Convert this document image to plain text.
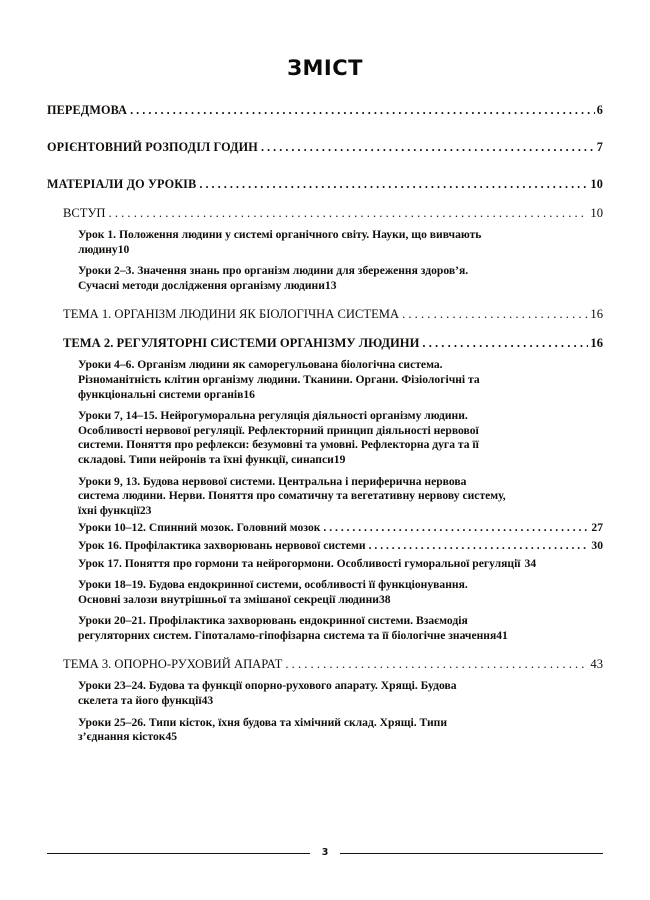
ЗМІСТ
ПЕРЕДМОВА . . .	6
ОРІЄНТОВНИЙ РОЗПОДІЛ ГОДИН . . .	7
МАТЕРІАЛИ ДО УРОКІВ . . .	10
ВСТУП . . .	10
Урок 1. Положення людини у системі органічного світу. Науки, що вивчають
людину 10
Уроки 2–3. Значення знань про організм людини для збереження здоров’я.
Сучасні методи дослідження організму людини 13
ТЕМА 1. ОРГАНІЗМ ЛЮДИНИ ЯК БІОЛОГІЧНА СИСТЕМА . . .	16
ТЕМА 2. РЕГУЛЯТОРНІ СИСТЕМИ ОРГАНІЗМУ ЛЮДИНИ . . .	16
Уроки 4–6. Організм людини як саморегульована біологічна система.
Різноманітність клітин організму людини. Тканини. Органи. Фізіологічні та
функціональні системи органів 16
Уроки 7, 14–15. Нейрогуморальна регуляція діяльності організму людини.
Особливості нервової регуляції. Рефлекторний принцип діяльності нервової
системи. Поняття про рефлекси: безумовні та умовні. Рефлекторна дуга та її
складові. Типи нейронів та їхні функції, синапси 19
Уроки 9, 13. Будова нервової системи. Центральна і периферична нервова
система людини. Нерви. Поняття про соматичну та вегетативну нервову систему,
їхні функції 23
Уроки 10–12. Спинний мозок. Головний мозок . . .	27
Урок 16. Профілактика захворювань нервової системи . . .	30
Урок 17. Поняття про гормони та нейрогормони. Особливості гуморальної регуляції 34
Уроки 18–19. Будова ендокринної системи, особливості її функціонування.
Основні залози внутрішньої та змішаної секреції людини 38
Уроки 20–21. Профілактика захворювань ендокринної системи. Взаємодія
регуляторних систем. Гіпоталамо-гіпофізарна система та її біологічне значення 41
ТЕМА 3. ОПОРНО-РУХОВИЙ АПАРАТ . . .	43
Уроки 23–24. Будова та функції опорно-рухового апарату. Хрящі. Будова
скелета та його функції 43
Уроки 25–26. Типи кісток, їхня будова та хімічний склад. Хрящі. Типи
з’єднання кісток 45
3
